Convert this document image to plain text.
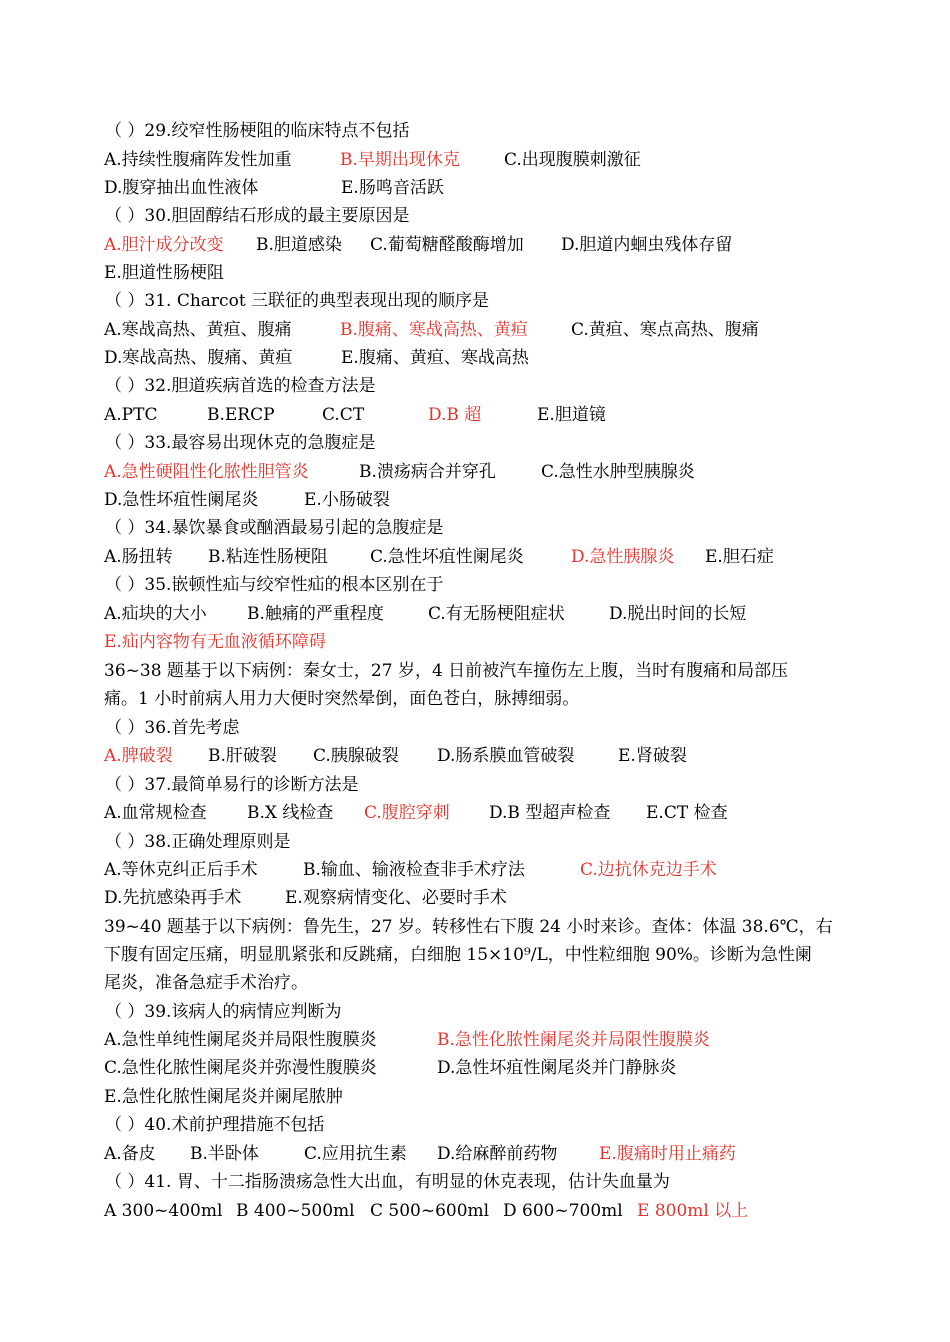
（ ）29.绞窄性肠梗阻的临床特点不包括
A.持续性腹痛阵发性加重	B.早期出现休克	C.出现腹膜刺激征
D.腹穿抽出血性液体	E.肠鸣音活跃
（ ）30.胆固醇结石形成的最主要原因是
A.胆汁成分改变 B.胆道感染 C.葡萄糖醛酸酶增加 D.胆道内蛔虫残体存留
E.胆道性肠梗阻
（ ）31. Charcot 三联征的典型表现出现的顺序是
A.寒战高热、黄疸、腹痛	B.腹痛、寒战高热、黄疸	C.黄疸、寒点高热、腹痛
D.寒战高热、腹痛、黄疸	E.腹痛、黄疸、寒战高热
（ ）32.胆道疾病首选的检查方法是
A.PTC	B.ERCP	C.CT	D.B 超	E.胆道镜
（ ）33.最容易出现休克的急腹症是
A.急性硬阻性化脓性胆管炎	B.溃疡病合并穿孔	C.急性水肿型胰腺炎
D.急性坏疽性阑尾炎	E.小肠破裂
（ ）34.暴饮暴食或酗酒最易引起的急腹症是
A.肠扭转 B.粘连性肠梗阻 C.急性坏疽性阑尾炎	D.急性胰腺炎 E.胆石症
（ ）35.嵌顿性疝与绞窄性疝的根本区别在于
A.疝块的大小 B.触痛的严重程度	C.有无肠梗阻症状	D.脱出时间的长短
E.疝内容物有无血液循环障碍
36~38 题基于以下病例：秦女士，27 岁，4 日前被汽车撞伤左上腹，当时有腹痛和局部压
痛。1 小时前病人用力大便时突然晕倒，面色苍白，脉搏细弱。
（ ）36.首先考虑
A.脾破裂 B.肝破裂 C.胰腺破裂 D.肠系膜血管破裂	E.肾破裂
（ ）37.最简单易行的诊断方法是
A.血常规检查 B.X 线检查 C.腹腔穿刺 D.B 型超声检查 E.CT 检查
（ ）38.正确处理原则是
A.等休克纠正后手术	B.输血、输液检查非手术疗法	C.边抗休克边手术
D.先抗感染再手术	E.观察病情变化、必要时手术
39~40 题基于以下病例：鲁先生，27 岁。转移性右下腹 24 小时来诊。查体：体温 38.6℃，右
下腹有固定压痛，明显肌紧张和反跳痛，白细胞 15×10⁹/L，中性粒细胞 90%。诊断为急性阑
尾炎，准备急症手术治疗。
（ ）39.该病人的病情应判断为
A.急性单纯性阑尾炎并局限性腹膜炎	B.急性化脓性阑尾炎并局限性腹膜炎
C.急性化脓性阑尾炎并弥漫性腹膜炎	D.急性坏疽性阑尾炎并门静脉炎
E.急性化脓性阑尾炎并阑尾脓肿
（ ）40.术前护理措施不包括
A.备皮 B.半卧体	C.应用抗生素 D.给麻醉前药物 E.腹痛时用止痛药
（ ）41. 胃、十二指肠溃疡急性大出血，有明显的休克表现，估计失血量为
A 300~400ml B 400~500ml C 500~600ml D 600~700ml E 800ml 以上
